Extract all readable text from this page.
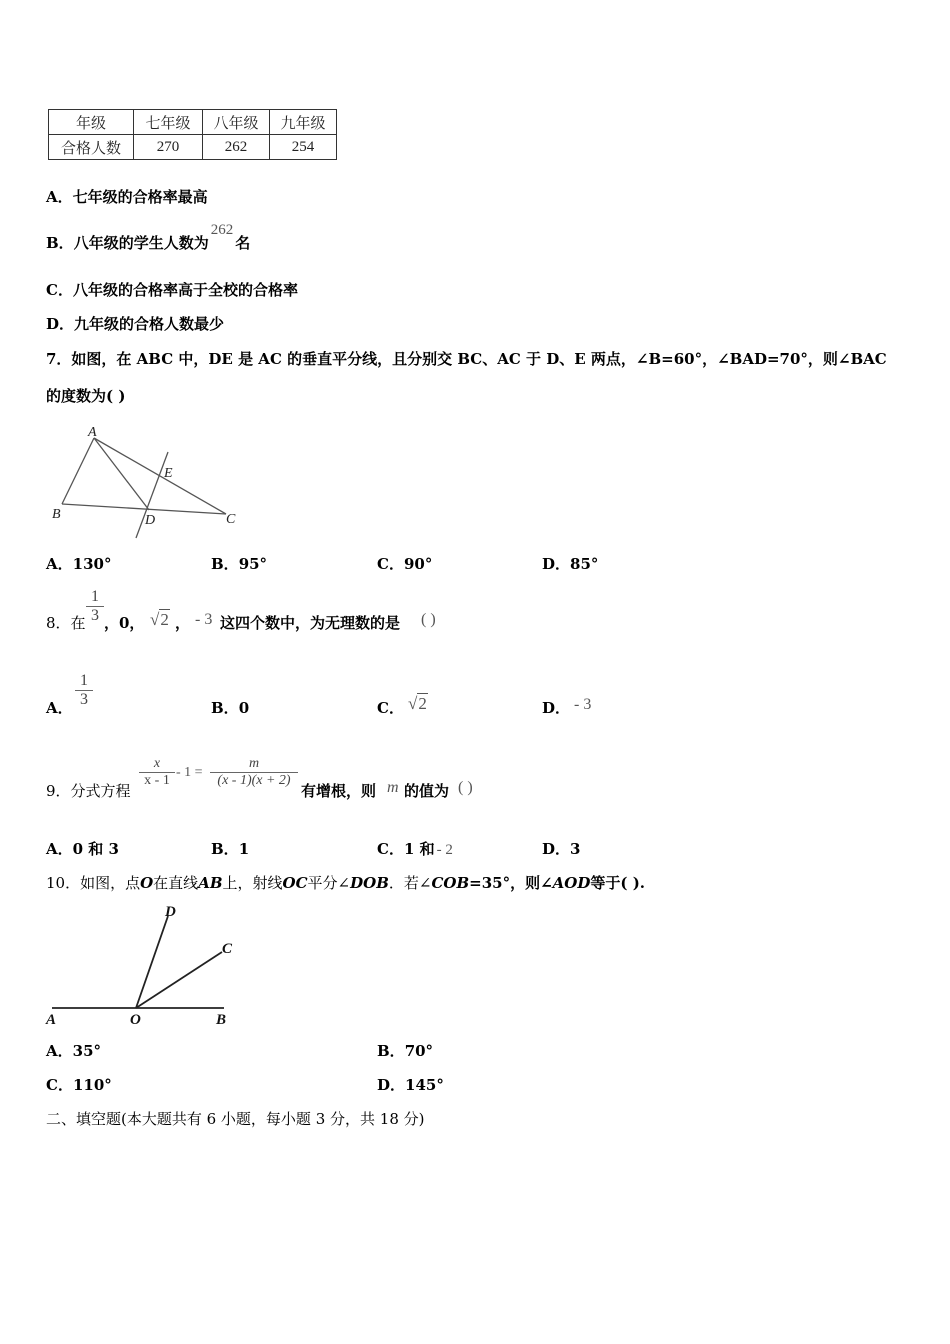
年级	七年级	八年级	九年级
合格人数	270	262	254
A．七年级的合格率最高
B．八年级的学生人数为262名
C．八年级的合格率高于全校的合格率
D．九年级的合格人数最少
7．如图，在 ABC 中，DE 是 AC 的垂直平分线，且分别交 BC、AC 于 D、E 两点，∠B=60°，∠BAD=70°，则∠BAC
的度数为( )
A
B	C
D
E
A．130°	B．95°	C．90°	D．85°
8．在 $\frac{1}{3}$ ，0， √2 ， - 3 这四个数中，为无理数的是 ( )
A． $\frac{1}{3}$	B．0	C． √2	D． - 3
9．分式方程
$\frac{x}{x - 1} - 1 = \frac{m}{(x - 1)(x + 2)}$
有增根，则 m 的值为 ( )
A．0 和 3	B．1	C．1 和 - 2	D．3
10．如图，点O在直线AB上，射线OC平分∠DOB．若∠COB=35°，则∠AOD等于( ).
A	O	B
C
D
A．35°	B．70°
C．110°	D．145°
二、填空题(本大题共有 6 小题，每小题 3 分，共 18 分)
